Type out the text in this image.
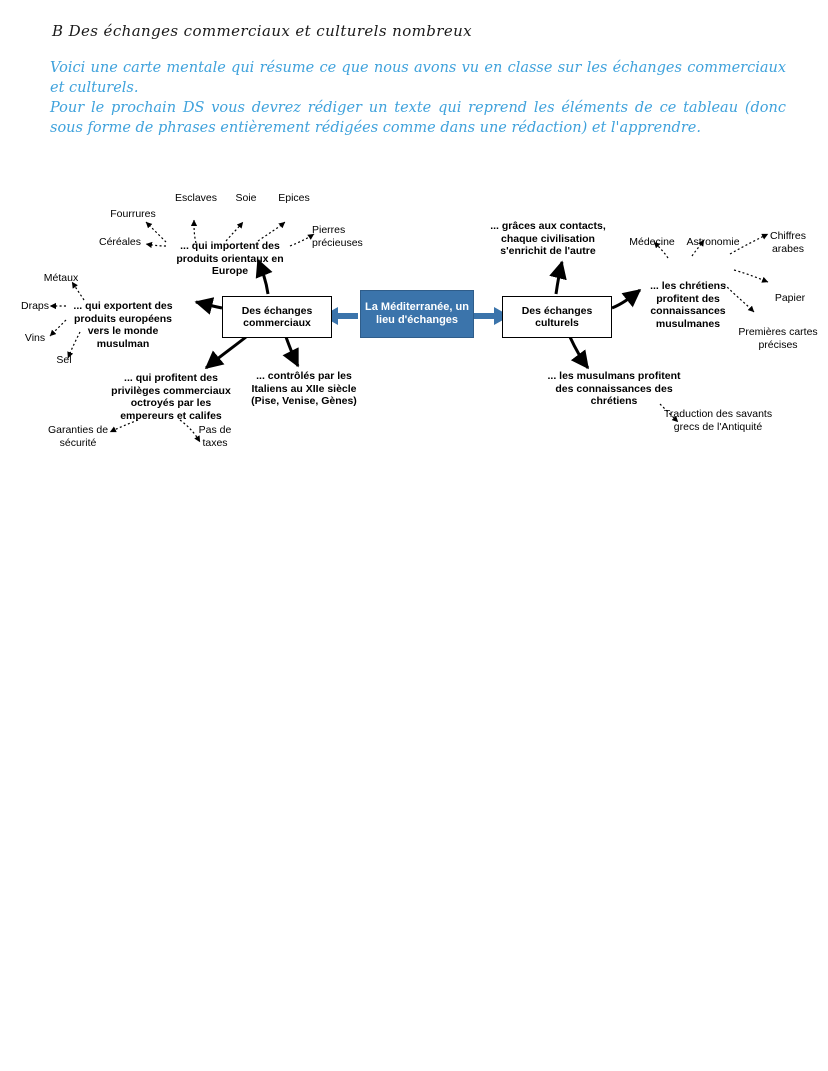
B Des échanges commerciaux et culturels nombreux

Voici une carte mentale qui résume ce que nous avons vu en classe sur les échanges commerciaux et culturels.

Pour le prochain DS vous devrez rédiger un texte qui reprend les éléments de ce tableau (donc sous forme de phrases entièrement rédigées comme dans une rédaction) et l'apprendre.

La Méditerranée, un lieu d'échanges
Des échanges commerciaux
Des échanges culturels
... qui importent des produits orientaux en Europe
Esclaves	Soie	Epices
Pierres précieuses
Céréales
Fourrures
... qui exportent des produits européens vers le monde musulman
Métaux
Draps
Vins
Sel
... qui profitent des privilèges commerciaux octroyés par les empereurs et califes
Garanties de sécurité
Pas de taxes
... contrôlés par les Italiens au XIIe siècle (Pise, Venise, Gènes)
... grâces aux contacts, chaque civilisation s'enrichit de l'autre
... les chrétiens profitent des connaissances musulmanes
Médecine	Astronomie	Chiffres arabes
Papier
Premières cartes précises
... les musulmans profitent des connaissances des chrétiens
Traduction des savants grecs de l'Antiquité
